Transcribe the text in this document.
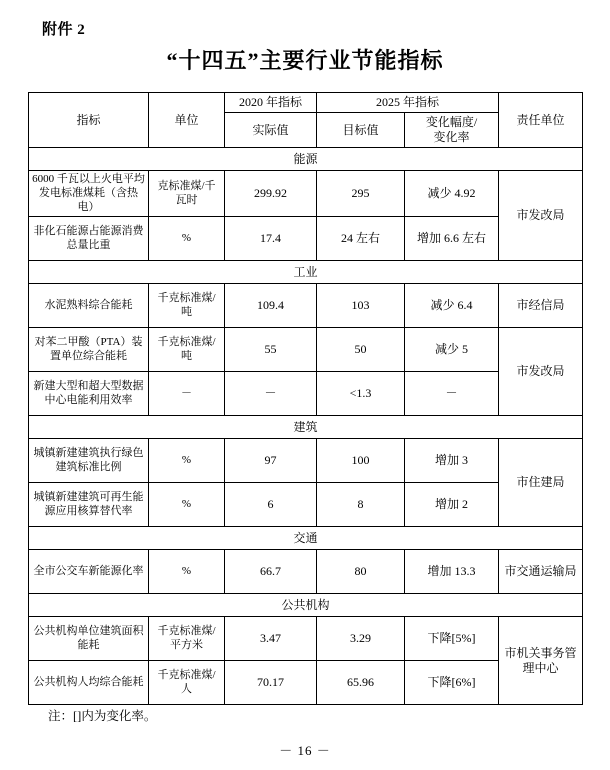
附件 2
“十四五”主要行业节能指标
指标	单位	2020 年指标	2025 年指标		责任单位
		实际值	目标值	变化幅度/
变化率	
能源					
6000 千瓦以上火电平均发电标准煤耗（含热电）	克标准煤/千瓦时	299.92	295	减少 4.92	市发改局
非化石能源占能源消费总量比重	%	17.4	24 左右	增加 6.6 左右	
工业					
水泥熟料综合能耗	千克标准煤/吨	109.4	103	减少 6.4	市经信局
对苯二甲酸（PTA）装置单位综合能耗	千克标准煤/吨	55	50	减少 5	市发改局
新建大型和超大型数据中心电能利用效率	－	－	<1.3	－	
建筑					
城镇新建建筑执行绿色建筑标准比例	%	97	100	增加 3	市住建局
城镇新建建筑可再生能源应用核算替代率	%	6	8	增加 2	
交通					
全市公交车新能源化率	%	66.7	80	增加 13.3	市交通运输局
公共机构					
公共机构单位建筑面积能耗	千克标准煤/平方米	3.47	3.29	下降[5%]	市机关事务管理中心
公共机构人均综合能耗	千克标准煤/人	70.17	65.96	下降[6%]	
注：[]内为变化率。
－ 16 －
